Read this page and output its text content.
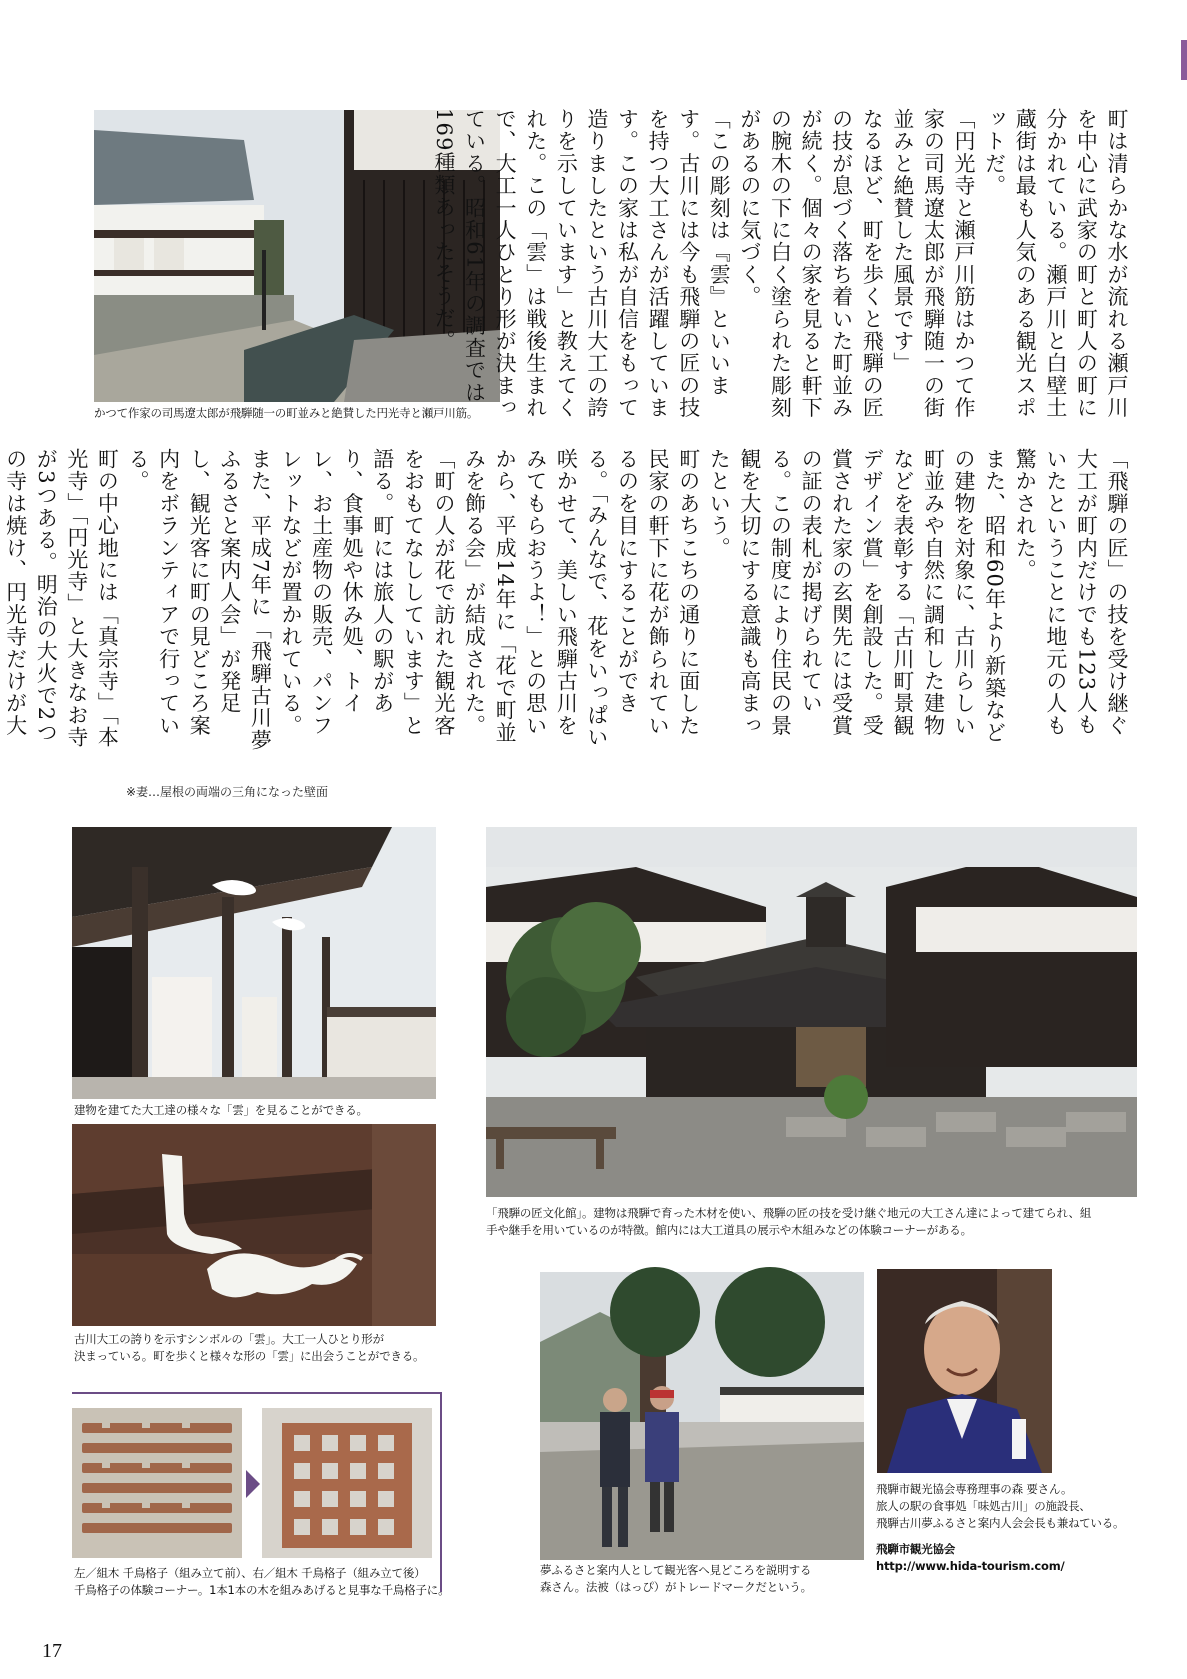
かつて作家の司馬遼太郎が飛騨随一の町並みと絶賛した円光寺と瀬戸川筋。	町は清らかな水が流れる瀬戸川を中心に武家の町と町人の町に分かれている。瀬戸川と白壁土蔵街は最も人気のある観光スポットだ。

「円光寺と瀬戸川筋はかつて作家の司馬遼太郎が飛騨随一の街並みと絶賛した風景です」

なるほど、町を歩くと飛騨の匠の技が息づく落ち着いた町並みが続く。個々の家を見ると軒下の腕木の下に白く塗られた彫刻があるのに気づく。

「この彫刻は『雲』といいます。古川には今も飛騨の匠の技を持つ大工さんが活躍しています。この家は私が自信をもって造りましたという古川大工の誇りを示しています」と教えてくれた。この「雲」は戦後生まれで、大工一人ひとり形が決まっている。昭和61年の調査では169種類あったそうだ。

「飛騨の匠」の技を受け継ぐ大工が町内だけでも123人もいたということに地元の人も驚かされた。

また、昭和60年より新築などの建物を対象に、古川らしい町並みや自然に調和した建物などを表彰する「古川町景観デザイン賞」を創設した。受賞された家の玄関先には受賞の証の表札が掲げられている。この制度により住民の景観を大切にする意識も高まったという。

町のあちこちの通りに面した民家の軒下に花が飾られているのを目にすることができる。「みんなで、花をいっぱい咲かせて、美しい飛騨古川をみてもらおうよ！」との思いから、平成14年に「花で町並みを飾る会」が結成された。「町の人が花で訪れた観光客をおもてなししています」と語る。町には旅人の駅があり、食事処や休み処、トイレ、お土産物の販売、パンフレットなどが置かれている。また、平成7年に「飛騨古川夢ふるさと案内人会」が発足し、観光客に町の見どころ案内をボランティアで行っている。

町の中心地には「真宗寺」「本光寺」「円光寺」と大きなお寺が3つある。明治の大火で2つの寺は焼け、円光寺だけが大

※妻…屋根の両端の三角になった壁面
建物を建てた大工達の様々な「雲」を見ることができる。
古川大工の誇りを示すシンボルの「雲」。大工一人ひとり形が
決まっている。町を歩くと様々な形の「雲」に出会うことができる。
左／組木 千鳥格子（組み立て前）、右／組木 千鳥格子（組み立て後）
千鳥格子の体験コーナー。1本1本の木を組みあげると見事な千鳥格子に。
「飛騨の匠文化館」。建物は飛騨で育った木材を使い、飛騨の匠の技を受け継ぐ地元の大工さん達によって建てられ、組
手や継手を用いているのが特徴。館内には大工道具の展示や木組みなどの体験コーナーがある。
夢ふるさと案内人として観光客へ見どころを説明する
森さん。法被（はっぴ）がトレードマークだという。
飛騨市観光協会専務理事の森 要さん。
旅人の駅の食事処「味処古川」の施設長、
飛騨古川夢ふるさと案内人会会長も兼ねている。
飛騨市観光協会
http://www.hida-tourism.com/
17
